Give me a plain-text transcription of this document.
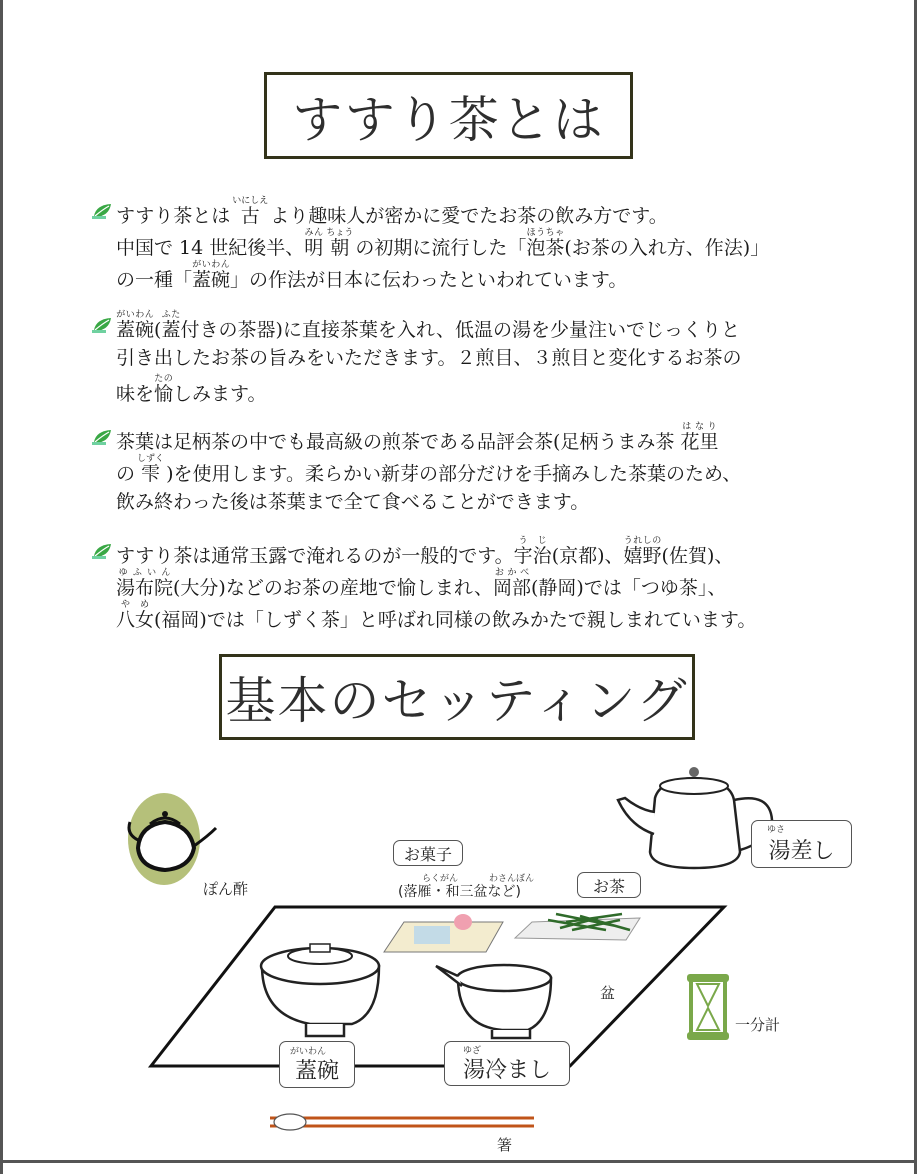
すすり茶とは
すすり茶とは 古いにしえ より趣味人が密かに愛でたお茶の飲み方です。
中国で 14 世紀後半、明みん 朝ちょう の初期に流行した「泡茶ほうちゃ(お茶の入れ方、作法)」
の一種「蓋碗がいわん」の作法が日本に伝わったといわれています。
蓋碗がいわん(蓋ふた付きの茶器)に直接茶葉を入れ、低温の湯を少量注いでじっくりと
引き出したお茶の旨みをいただきます。２煎目、３煎目と変化するお茶の
味を愉たのしみます。
茶葉は足柄茶の中でも最高級の煎茶である品評会茶(足柄うまみ茶 花里はなり
の 雫しずく )を使用します。柔らかい新芽の部分だけを手摘みした茶葉のため、
飲み終わった後は茶葉まで全て食べることができます。
すすり茶は通常玉露で淹れるのが一般的です。宇治うじ(京都)、嬉野うれしの(佐賀)、
湯布院ゆふいん(大分)などのお茶の産地で愉しまれ、岡部おかべ(静岡)では「つゆ茶」、
八女やめ(福岡)では「しずく茶」と呼ばれ同様の飲みかたで親しまれています。
基本のセッティング
お菓子
らくがん	わさんぼん
(落雁・和三盆など)	お茶
湯差し
ゆさ
ぽん酢
盆
一分計
蓋碗
がいわん
湯冷まし
ゆざ
箸
